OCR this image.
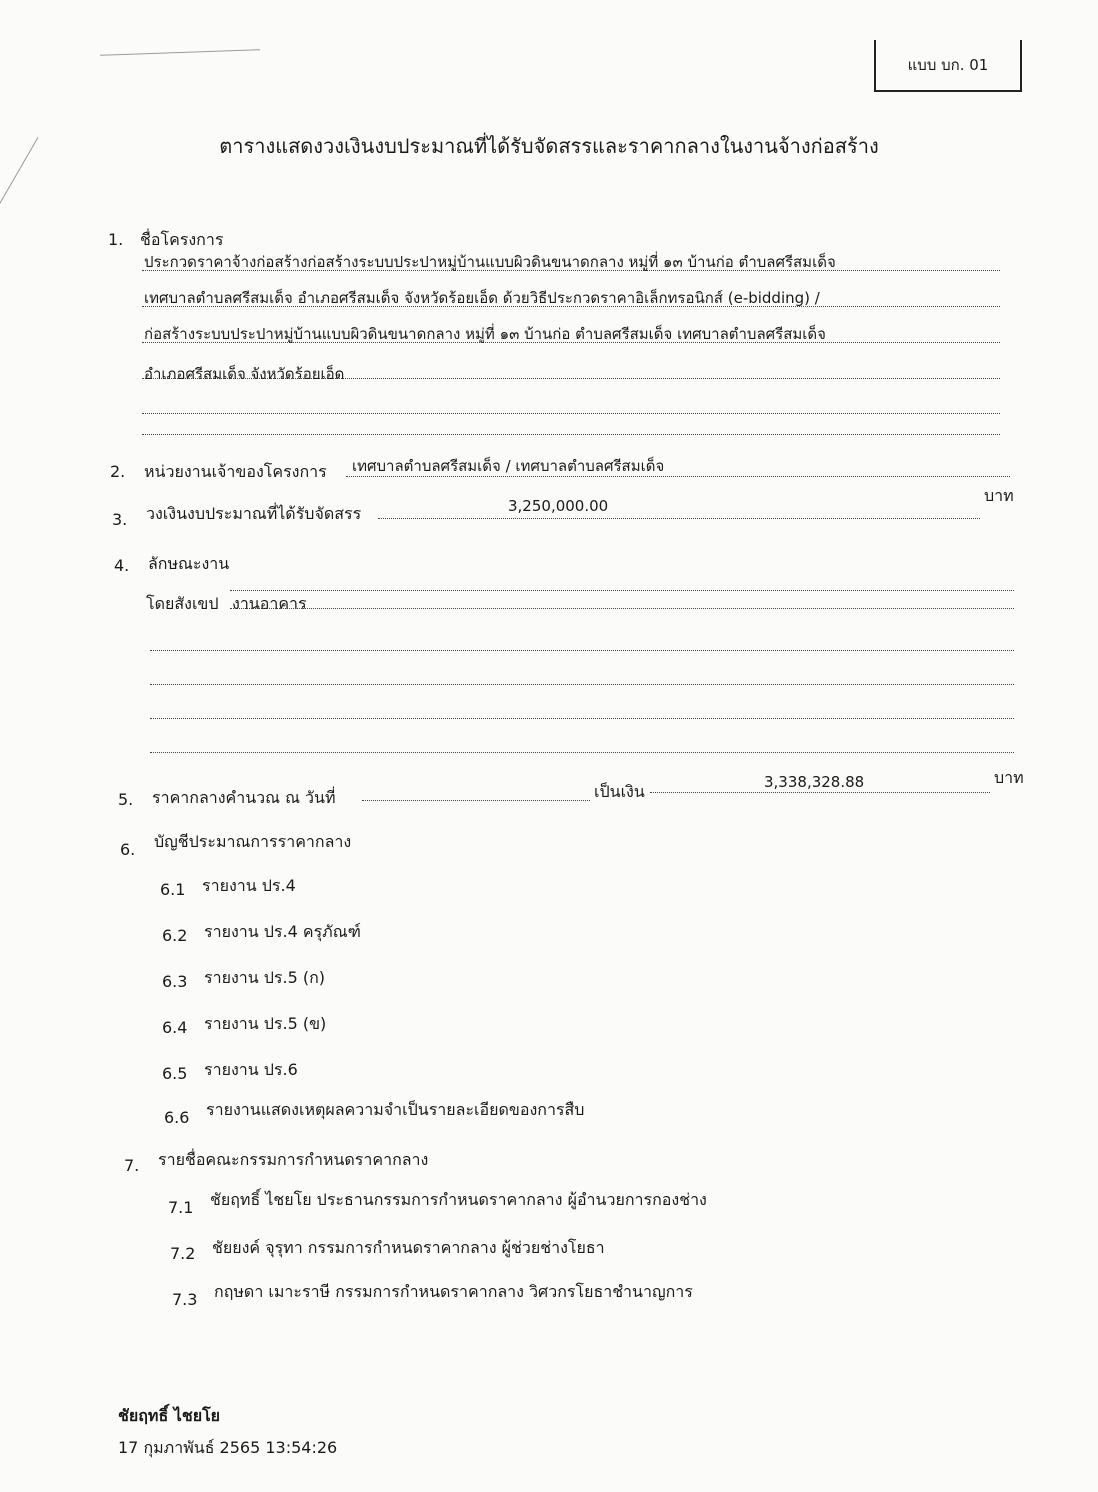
แบบ บก. 01
ตารางแสดงวงเงินงบประมาณที่ได้รับจัดสรรและราคากลางในงานจ้างก่อสร้าง
1. ชื่อโครงการ
ประกวดราคาจ้างก่อสร้างก่อสร้างระบบประปาหมู่บ้านแบบผิวดินขนาดกลาง หมู่ที่ ๑๓ บ้านก่อ ตำบลศรีสมเด็จ
เทศบาลตำบลศรีสมเด็จ อำเภอศรีสมเด็จ จังหวัดร้อยเอ็ด ด้วยวิธีประกวดราคาอิเล็กทรอนิกส์ (e-bidding) /
ก่อสร้างระบบประปาหมู่บ้านแบบผิวดินขนาดกลาง หมู่ที่ ๑๓ บ้านก่อ ตำบลศรีสมเด็จ เทศบาลตำบลศรีสมเด็จ
อำเภอศรีสมเด็จ จังหวัดร้อยเอ็ด
2. หน่วยงานเจ้าของโครงการ เทศบาลตำบลศรีสมเด็จ / เทศบาลตำบลศรีสมเด็จ
3. วงเงินงบประมาณที่ได้รับจัดสรร	3,250,000.00
บาท
4. ลักษณะงาน
โดยสังเขป งานอาคาร
5. ราคากลางคำนวณ ณ วันที่	เป็นเงิน	3,338,328.88	บาท
6. บัญชีประมาณการราคากลาง
6.1 รายงาน ปร.4
6.2 รายงาน ปร.4 ครุภัณฑ์
6.3 รายงาน ปร.5 (ก)
6.4 รายงาน ปร.5 (ข)
6.5 รายงาน ปร.6
6.6 รายงานแสดงเหตุผลความจำเป็นรายละเอียดของการสืบ
7. รายชื่อคณะกรรมการกำหนดราคากลาง
7.1 ชัยฤทธิ์ ไชยโย ประธานกรรมการกำหนดราคากลาง ผู้อำนวยการกองช่าง
7.2 ชัยยงค์ จุรุทา กรรมการกำหนดราคากลาง ผู้ช่วยช่างโยธา
7.3 กฤษดา เมาะราษี กรรมการกำหนดราคากลาง วิศวกรโยธาชำนาญการ
ชัยฤทธิ์ ไชยโย
17 กุมภาพันธ์ 2565 13:54:26
